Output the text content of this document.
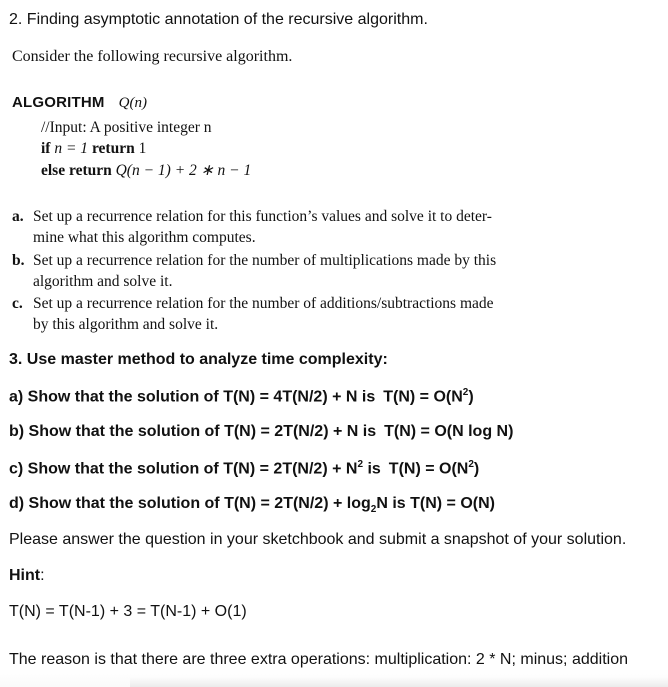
2. Finding asymptotic annotation of the recursive algorithm.
Consider the following recursive algorithm.
ALGORITHM Q(n)
//Input: A positive integer n
if n = 1 return 1
else return Q(n − 1) + 2 ∗ n − 1
a. Set up a recurrence relation for this function’s values and solve it to deter-
mine what this algorithm computes.
b. Set up a recurrence relation for the number of multiplications made by this
algorithm and solve it.
c. Set up a recurrence relation for the number of additions/subtractions made
by this algorithm and solve it.
3. Use master method to analyze time complexity:
a) Show that the solution of T(N) = 4T(N/2) + N is $T(N) = O(N^2)$
b) Show that the solution of T(N) = 2T(N/2) + N is T(N) = O(N log N)
c) Show that the solution of $T(N) = 2T(N/2) + N^2$ is $T(N) = O(N^2)$
d) Show that the solution of $T(N) = 2T(N/2) + \log_2N$ is T(N) = O(N)
Please answer the question in your sketchbook and submit a snapshot of your solution.
Hint:
T(N) = T(N-1) + 3 = T(N-1) + O(1)
The reason is that there are three extra operations: multiplication: 2 * N; minus; addition
